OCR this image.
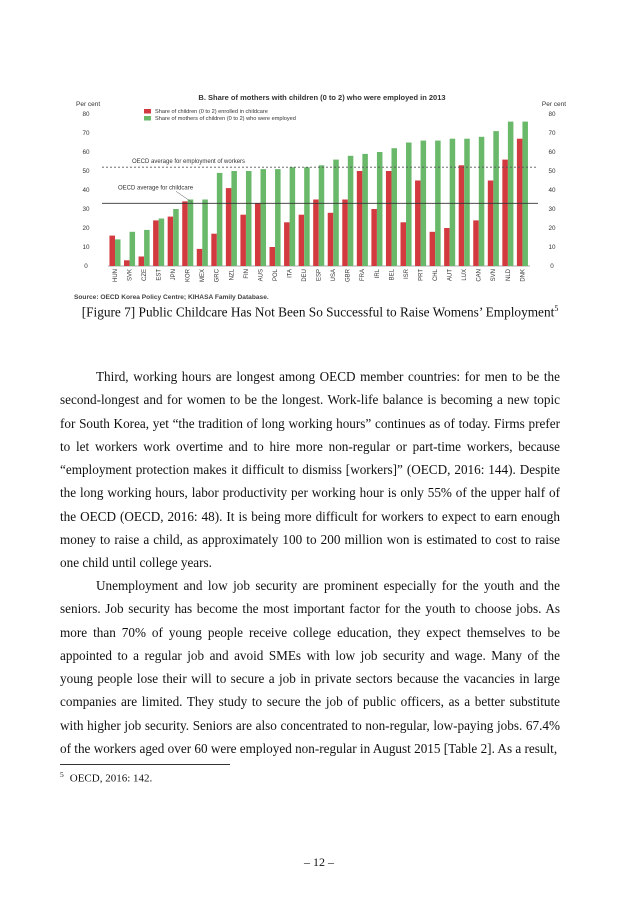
B. Share of mothers with children (0 to 2) who were employed in 2013
Per cent	Per cent
0	0
10	10
20	20
30	30
40	40
50	50
60	60
70	70
80	80
HUN SVK CZE EST JPN KOR MEX GRC NZL FIN AUS POL ITA DEU ESP USA GBR FRA IRL BEL ISR PRT CHL AUT LUX CAN SVN NLD DNK
OECD average for employment of workers
OECD average for childcare
Share of children (0 to 2) enrolled in childcare
Share of mothers of children (0 to 2) who were employed
Source: OECD Korea Policy Centre; KIHASA Family Database.
[Figure 7] Public Childcare Has Not Been So Successful to Raise Womens’ Employment$^5$

Third, working hours are longest among OECD member countries: for men to be the second-longest and for women to be the longest. Work-life balance is becoming a new topic for South Korea, yet “the tradition of long working hours” continues as of today. Firms prefer to let workers work overtime and to hire more non-regular or part-time workers, because “employment protection makes it difficult to dismiss [workers]” (OECD, 2016: 144). Despite the long working hours, labor productivity per working hour is only 55% of the upper half of the OECD (OECD, 2016: 48). It is being more difficult for workers to expect to earn enough money to raise a child, as approximately 100 to 200 million won is estimated to cost to raise one child until college years.

Unemployment and low job security are prominent especially for the youth and the seniors. Job security has become the most important factor for the youth to choose jobs. As more than 70% of young people receive college education, they expect themselves to be appointed to a regular job and avoid SMEs with low job security and wage. Many of the young people lose their will to secure a job in private sectors because the vacancies in large companies are limited. They study to secure the job of public officers, as a better substitute with higher job security. Seniors are also concentrated to non-regular, low-paying jobs. 67.4% of the workers aged over 60 were employed non-regular in August 2015 [Table 2]. As a result,

$^5$ OECD, 2016: 142.
– 12 –
